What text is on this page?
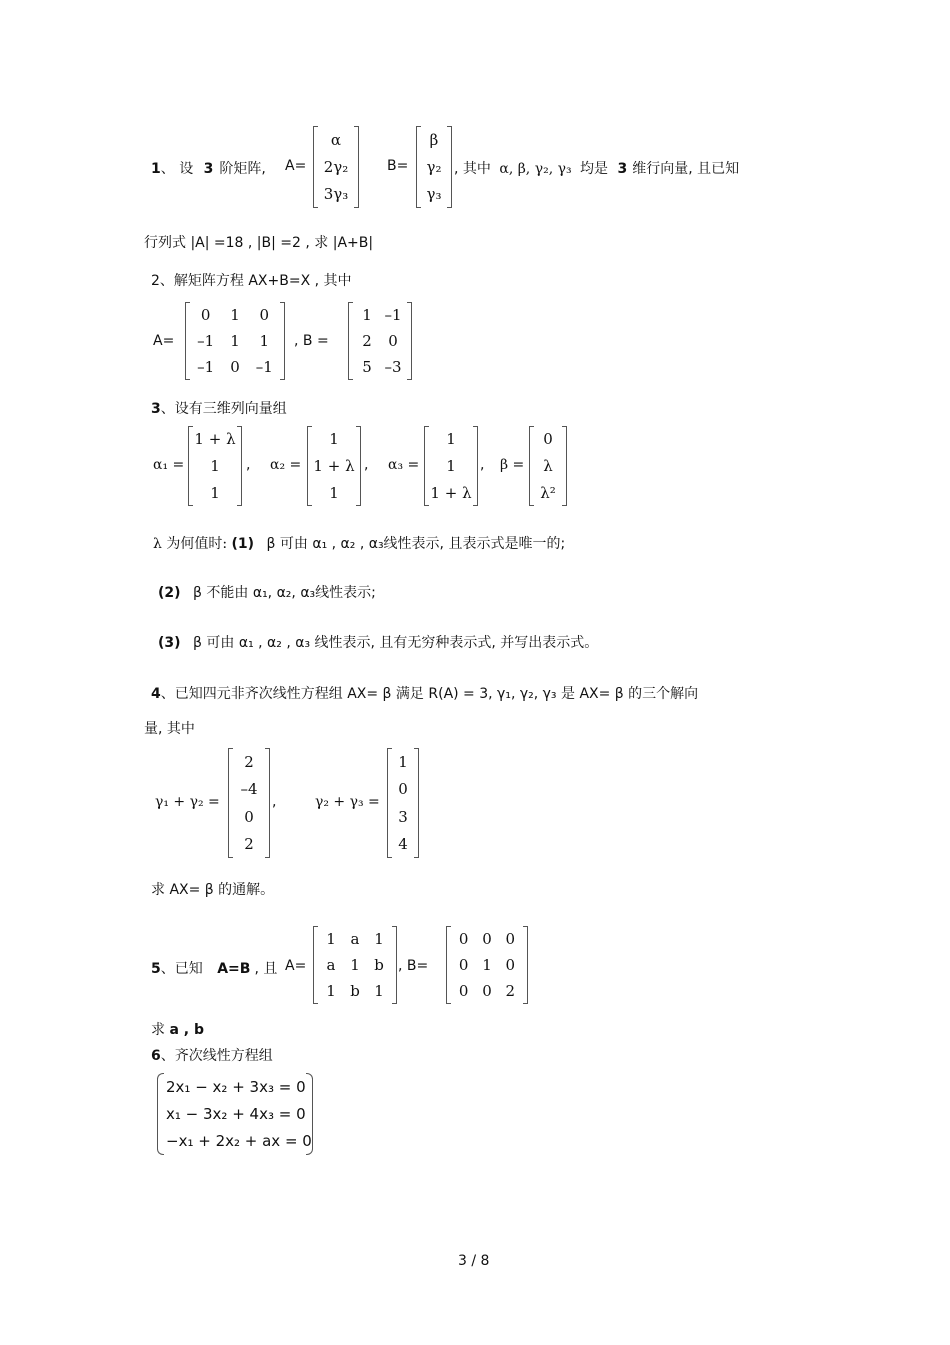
1、 设 3 阶矩阵, A=
α
2γ₂
3γ₃
B=
β
γ₂
γ₃
, 其中 α, β, γ₂, γ₃ 均是 3 维行向量, 且已知
行列式 |A| =18 , |B| =2 , 求 |A+B|
2、解矩阵方程 AX+B=X , 其中
A=
0	1	0
–1	1	1
–1	0	–1
, B =
1 –1
2	0
5 –3
3、设有三维列向量组
α₁ =
1 + λ
1
1
, α₂ =
1
1 + λ
1
, α₃ =
1
1
1 + λ
, β =
0
λ
λ²
λ 为何值时: (1) β 可由 α₁ , α₂ , α₃线性表示, 且表示式是唯一的;
(2) β 不能由 α₁, α₂, α₃线性表示;
(3) β 可由 α₁ , α₂ , α₃ 线性表示, 且有无穷种表示式, 并写出表示式。
4、已知四元非齐次线性方程组 AX= β 满足 R(A) = 3, γ₁, γ₂, γ₃ 是 AX= β 的三个解向
量, 其中
γ₁ + γ₂ =
2
–4
0
2
,	γ₂ + γ₃ =
1
0
3
4
求 AX= β 的通解。
5、已知 A=B , 且 A=
1 a 1
a 1 b
1 b 1
, B=
0 0 0
0 1 0
0 0 2
求 a , b
6、齐次线性方程组
2x₁ − x₂ + 3x₃ = 0
x₁ − 3x₂ + 4x₃ = 0
−x₁ + 2x₂ + ax = 0
3 / 8
